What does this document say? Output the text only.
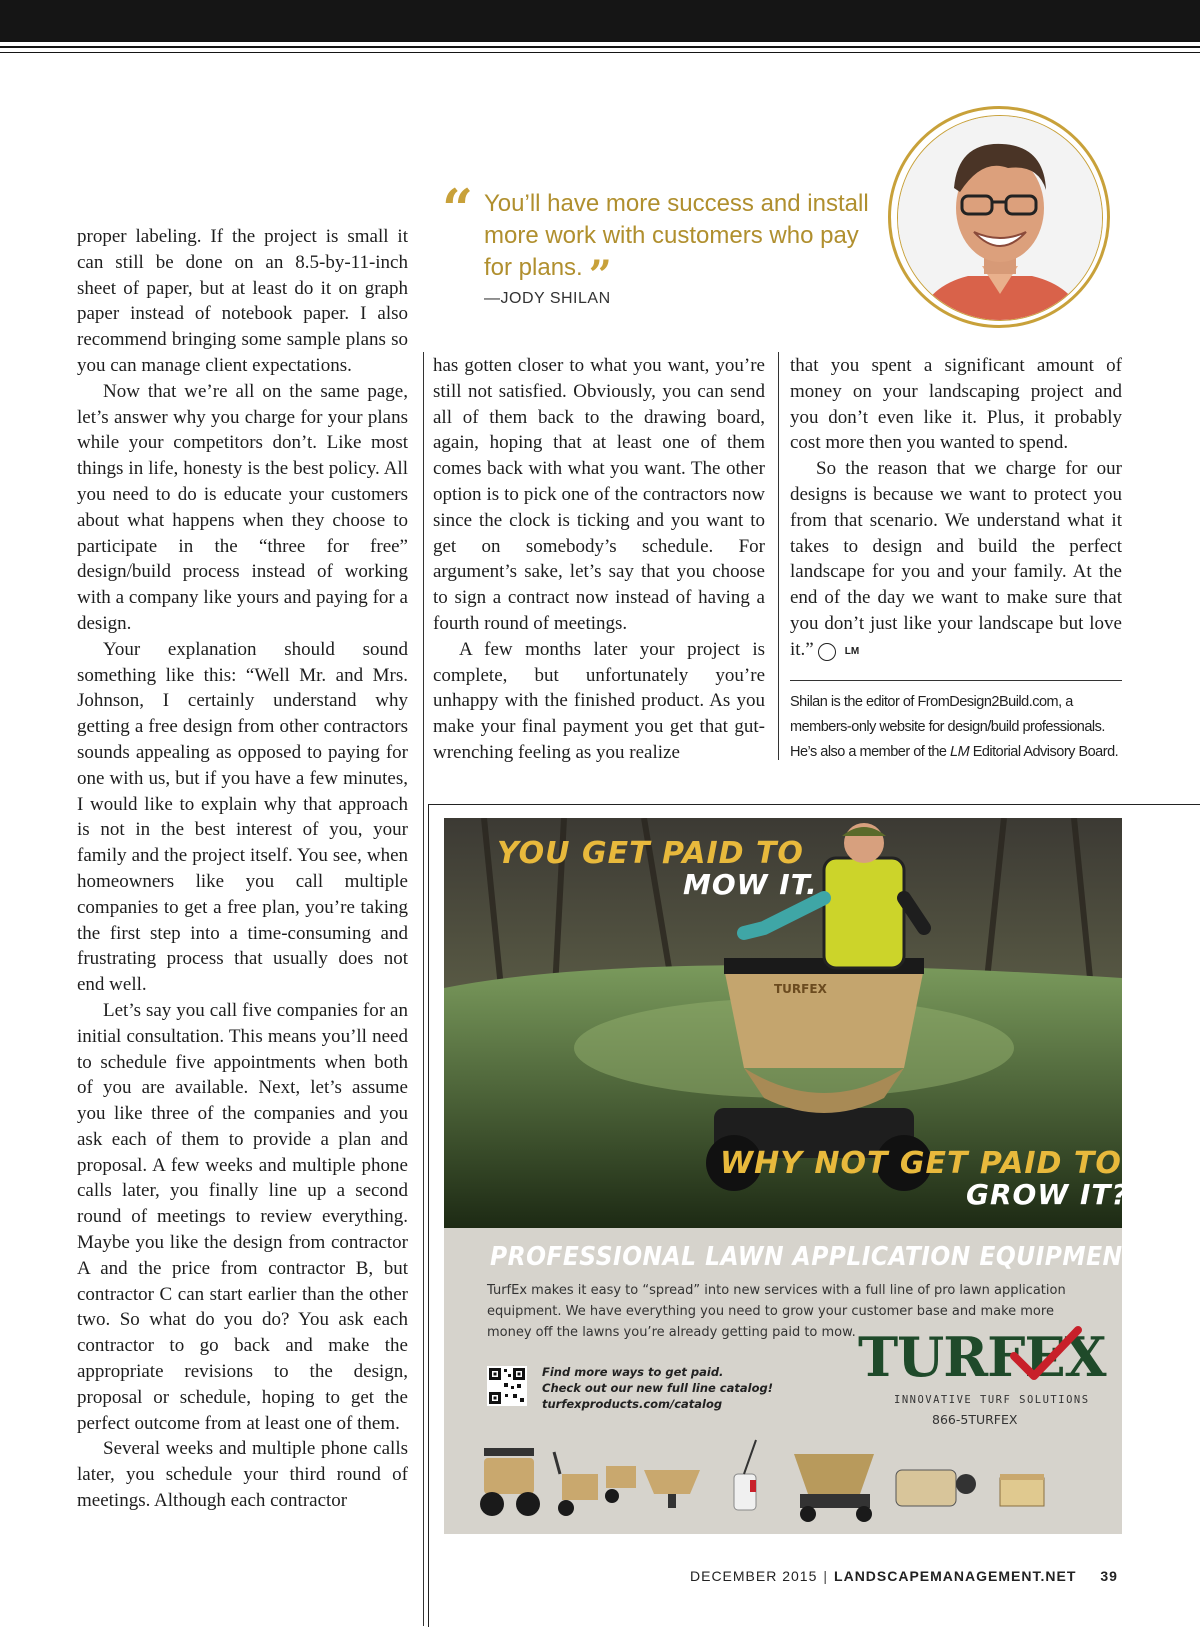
“ You’ll have more success and install more work with customers who pay for plans. ”
—JODY SHILAN

proper labeling. If the project is small it can still be done on an 8.5-by-11-inch sheet of paper, but at least do it on graph paper instead of notebook paper. I also recommend bringing some sample plans so you can manage client expectations.

Now that we’re all on the same page, let’s answer why you charge for your plans while your competitors don’t. Like most things in life, honesty is the best policy. All you need to do is educate your customers about what happens when they choose to participate in the “three for free” design/build process instead of working with a company like yours and paying for a design.

Your explanation should sound something like this: “Well Mr. and Mrs. Johnson, I certainly understand why getting a free design from other contractors sounds appealing as opposed to paying for one with us, but if you have a few minutes, I would like to explain why that approach is not in the best interest of you, your family and the project itself. You see, when homeowners like you call multiple companies to get a free plan, you’re taking the first step into a time-consuming and frustrating process that usually does not end well.

Let’s say you call five companies for an initial consultation. This means you’ll need to schedule five appointments when both of you are available. Next, let’s assume you like three of the companies and you ask each of them to provide a plan and proposal. A few weeks and multiple phone calls later, you finally line up a second round of meetings to review everything. Maybe you like the design from contractor A and the price from contractor B, but contractor C can start earlier than the other two. So what do you do? You ask each contractor to go back and make the appropriate revisions to the design, proposal or schedule, hoping to get the perfect outcome from at least one of them.

Several weeks and multiple phone calls later, you schedule your third round of meetings. Although each contractor

has gotten closer to what you want, you’re still not satisfied. Obviously, you can send all of them back to the drawing board, again, hoping that at least one of them comes back with what you want. The other option is to pick one of the contractors now since the clock is ticking and you want to get on somebody’s schedule. For argument’s sake, let’s say that you choose to sign a contract now instead of having a fourth round of meetings.

A few months later your project is complete, but unfortunately you’re unhappy with the finished product. As you make your final payment you get that gut-wrenching feeling as you realize

that you spent a significant amount of money on your landscaping project and you don’t even like it. Plus, it probably cost more then you wanted to spend.

So the reason that we charge for our designs is because we want to protect you from that scenario. We understand what it takes to design and build the perfect landscape for you and your family. At the end of the day we want to make sure that you don’t just like your landscape but love it.”	LM

Shilan is the editor of FromDesign2Build.com, a members-only website for design/build professionals. He’s also a member of the LM Editorial Advisory Board.
TURFEX
YOU GET PAID TO
MOW IT.
WHY NOT GET PAID TO
GROW IT?
PROFESSIONAL LAWN APPLICATION EQUIPMENT
TurfEx makes it easy to “spread” into new services with a full line of pro lawn application equipment. We have everything you need to grow your customer base and make more money off the lawns you’re already getting paid to mow.
Find more ways to get paid.
Check out our new full line catalog!
turfexproducts.com/catalog
TURFEX
INNOVATIVE TURF SOLUTIONS
866-5TURFEX
DECEMBER 2015 | LANDSCAPEMANAGEMENT.NET 39
